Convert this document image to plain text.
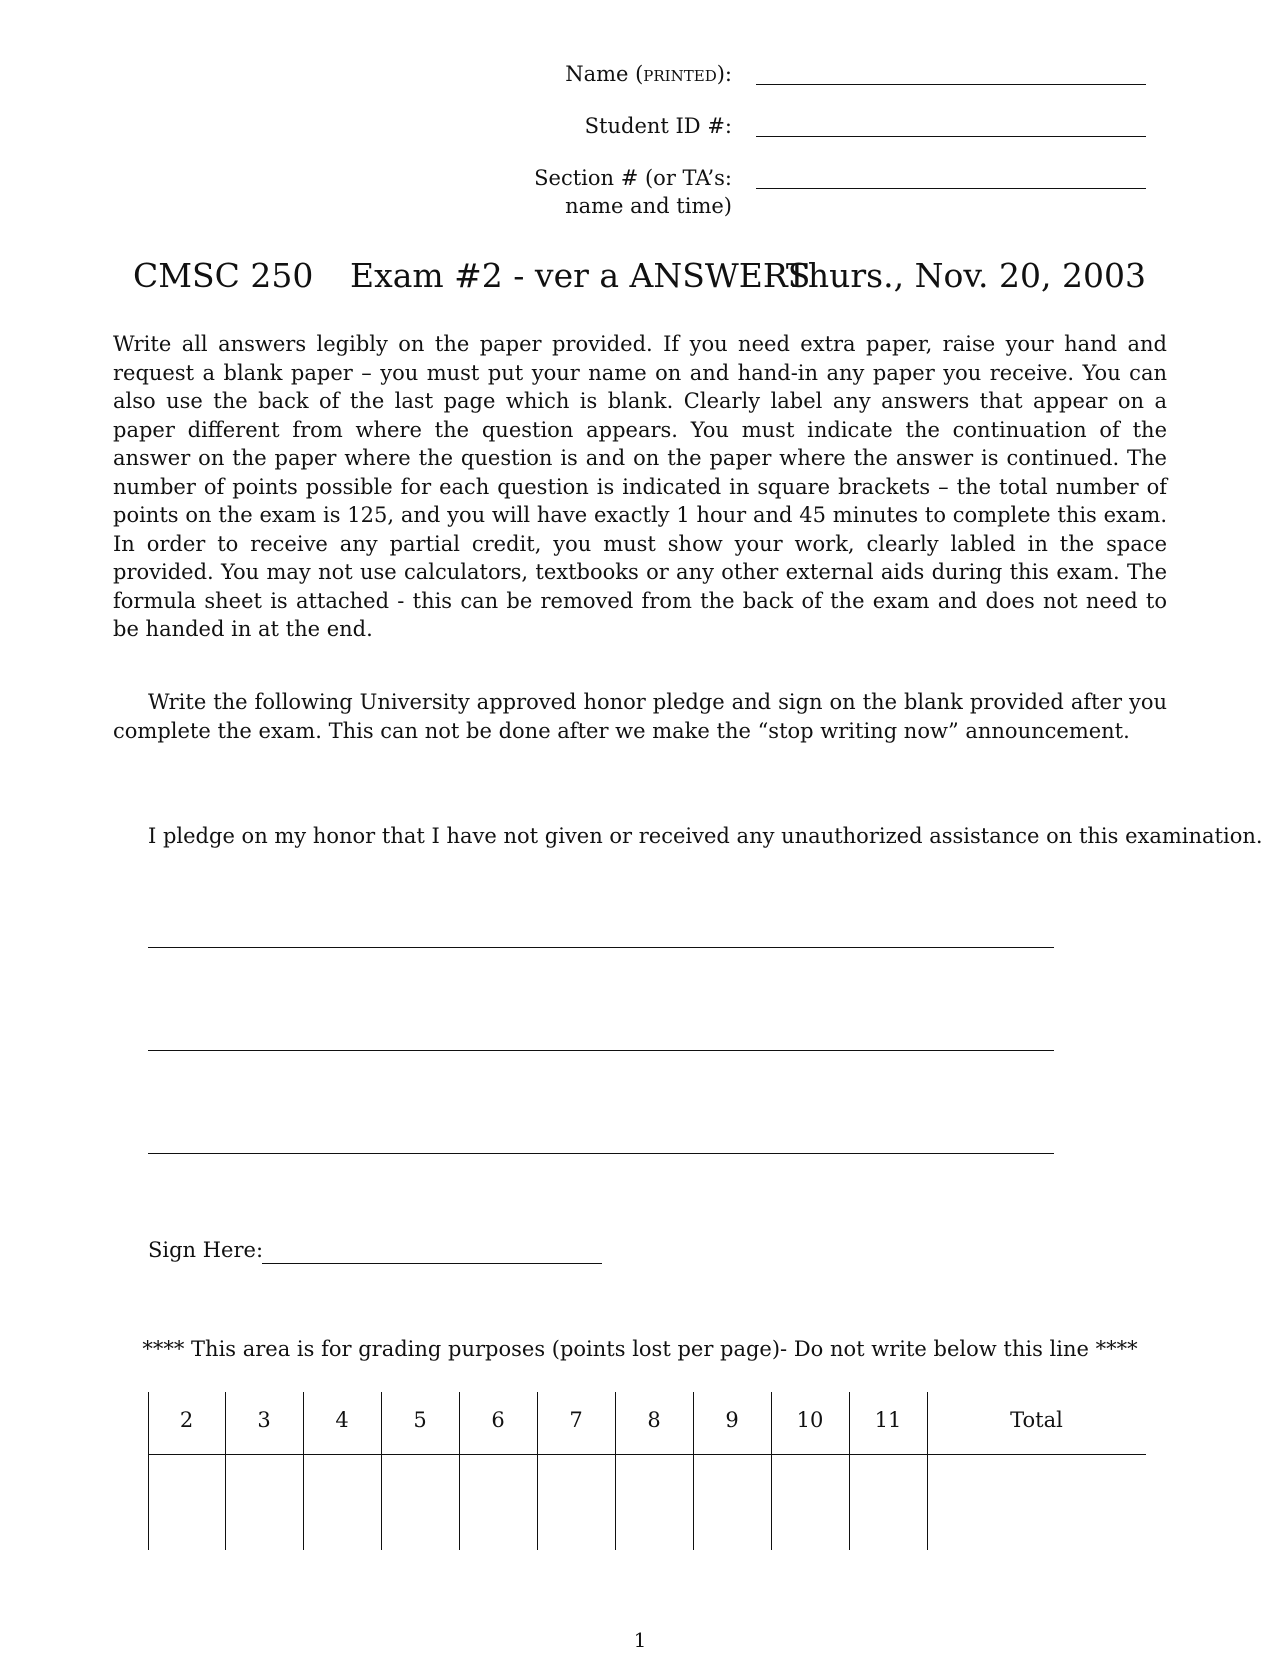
Name (printed):
Student ID #:
Section # (or TA’s:
name and time)
CMSC 250 Exam #2 - ver a ANSWERS
Thurs., Nov. 20, 2003
Write all answers legibly on the paper provided. If you need extra paper, raise your hand and request a blank paper – you must put your name on and hand-in any paper you receive. You can also use the back of the last page which is blank. Clearly label any answers that appear on a paper different from where the question appears. You must indicate the continuation of the answer on the paper where the question is and on the paper where the answer is continued. The number of points possible for each question is indicated in square brackets – the total number of points on the exam is 125, and you will have exactly 1 hour and 45 minutes to complete this exam. In order to receive any partial credit, you must show your work, clearly labled in the space provided. You may not use calculators, textbooks or any other external aids during this exam. The formula sheet is attached - this can be removed from the back of the exam and does not need to be handed in at the end.
Write the following University approved honor pledge and sign on the blank provided after you complete the exam. This can not be done after we make the “stop writing now” announcement.
I pledge on my honor that I have not given or received any unauthorized assistance on this examination.
Sign Here:
**** This area is for grading purposes (points lost per page)- Do not write below this line ****
2	3	4	5	6	7	8	9	10	11	Total
1
